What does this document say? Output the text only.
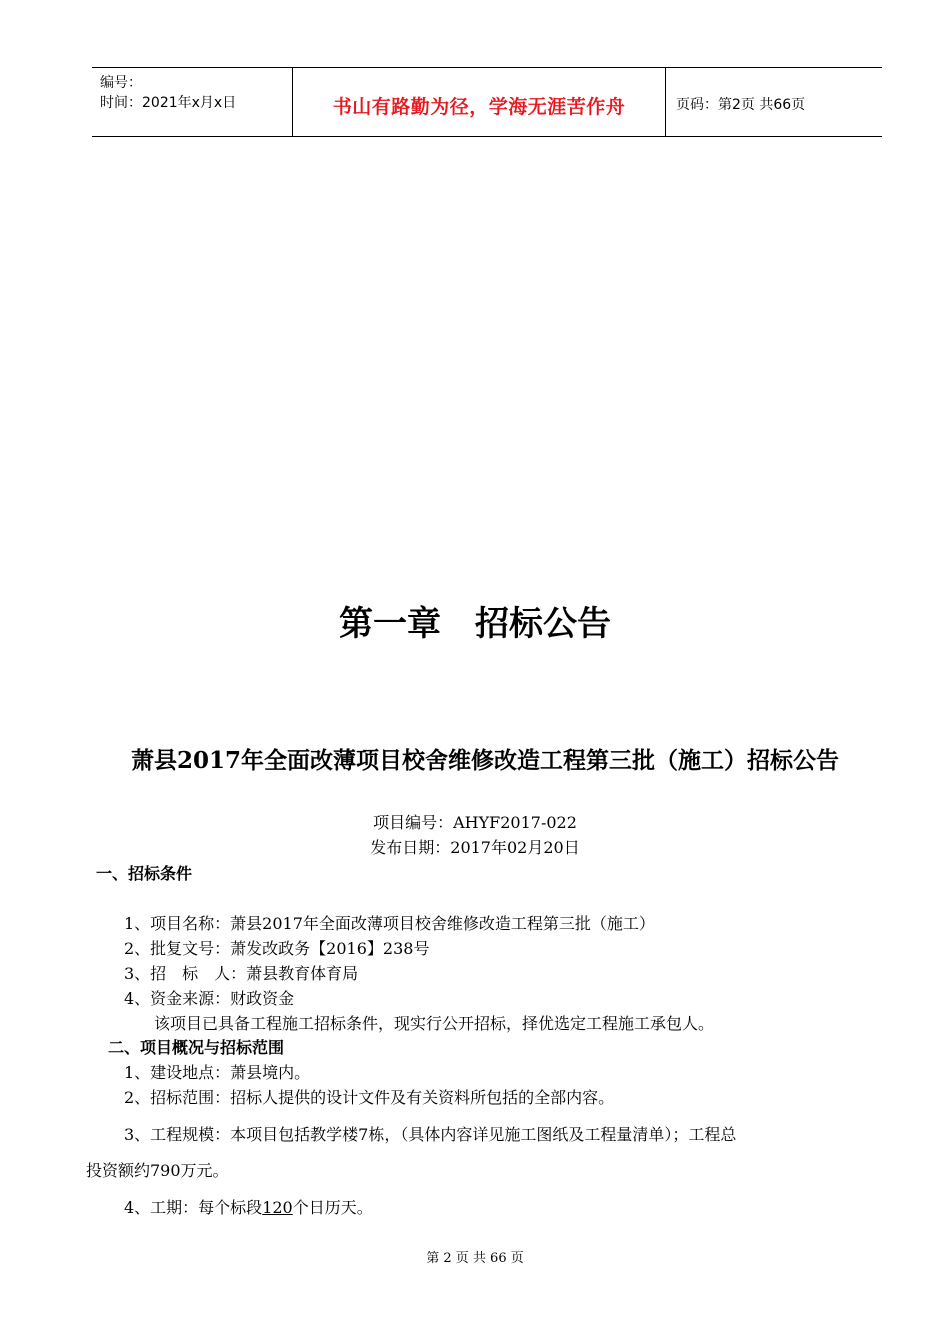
编号：
时间：2021年x月x日	书山有路勤为径，学海无涯苦作舟	页码：第2页 共66页
第一章　招标公告
萧县2017年全面改薄项目校舍维修改造工程第三批（施工）招标公告
项目编号：AHYF2017-022
发布日期：2017年02月20日
一、招标条件
1、项目名称：萧县2017年全面改薄项目校舍维修改造工程第三批（施工）
2、批复文号：萧发改政务【2016】238号
3、招　标　人：萧县教育体育局
4、资金来源：财政资金
该项目已具备工程施工招标条件，现实行公开招标，择优选定工程施工承包人。
二、项目概况与招标范围
1、建设地点：萧县境内。
2、招标范围：招标人提供的设计文件及有关资料所包括的全部内容。
3、工程规模：本项目包括教学楼7栋，（具体内容详见施工图纸及工程量清单）；工程总
投资额约790万元。
4、工期：每个标段120个日历天。
第 2 页 共 66 页
